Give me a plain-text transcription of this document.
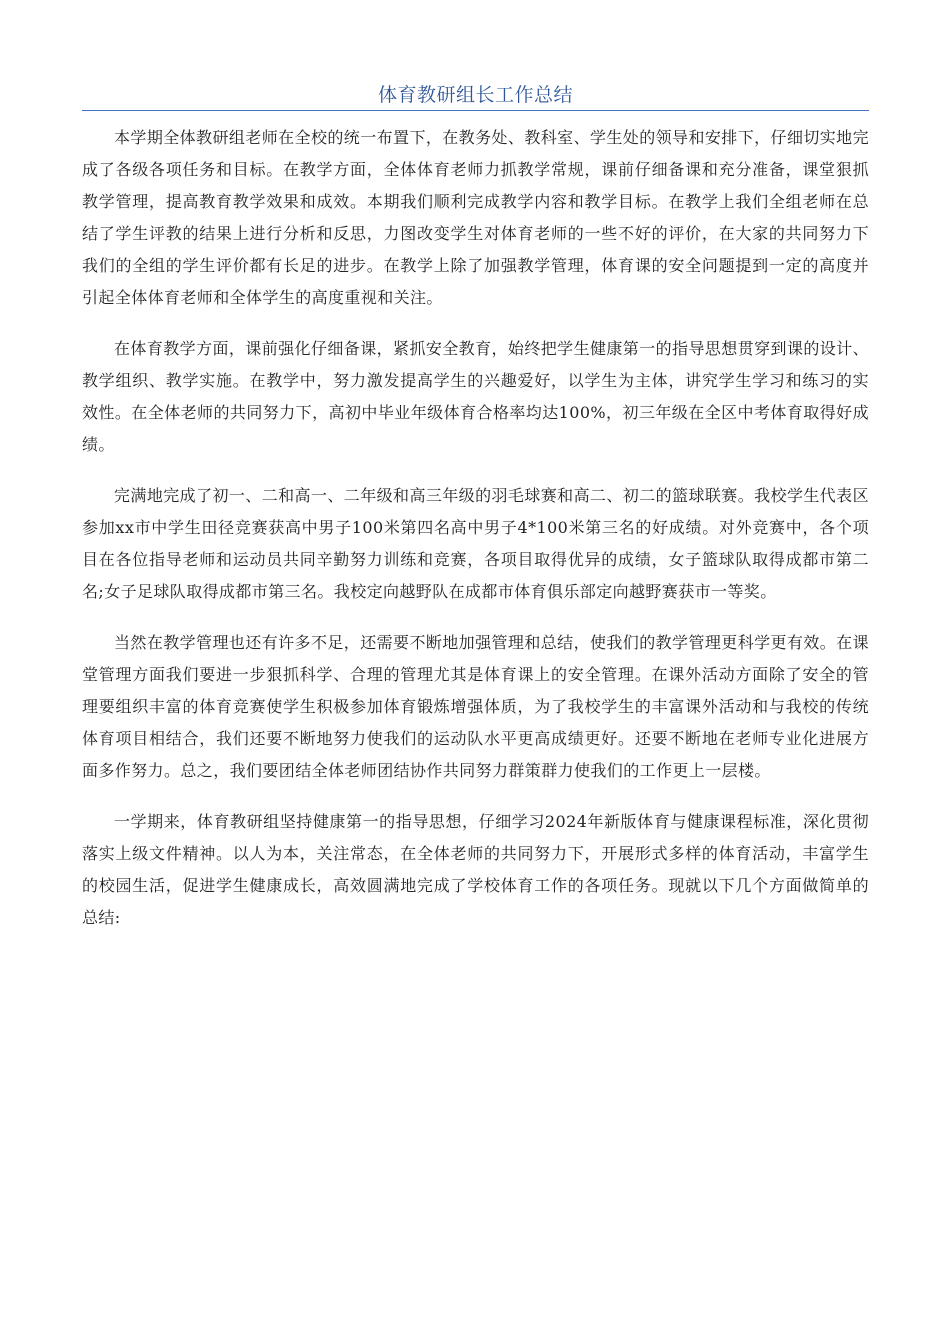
体育教研组长工作总结

本学期全体教研组老师在全校的统一布置下，在教务处、教科室、学生处的领导和安排下，仔细切实地完成了各级各项任务和目标。在教学方面，全体体育老师力抓教学常规，课前仔细备课和充分准备，课堂狠抓教学管理，提高教育教学效果和成效。本期我们顺利完成教学内容和教学目标。在教学上我们全组老师在总结了学生评教的结果上进行分析和反思，力图改变学生对体育老师的一些不好的评价，在大家的共同努力下我们的全组的学生评价都有长足的进步。在教学上除了加强教学管理，体育课的安全问题提到一定的高度并引起全体体育老师和全体学生的高度重视和关注。

在体育教学方面，课前强化仔细备课，紧抓安全教育，始终把学生健康第一的指导思想贯穿到课的设计、教学组织、教学实施。在教学中，努力激发提高学生的兴趣爱好，以学生为主体，讲究学生学习和练习的实效性。在全体老师的共同努力下，高初中毕业年级体育合格率均达100%，初三年级在全区中考体育取得好成绩。

完满地完成了初一、二和高一、二年级和高三年级的羽毛球赛和高二、初二的篮球联赛。我校学生代表区参加xx市中学生田径竞赛获高中男子100米第四名高中男子4*100米第三名的好成绩。对外竞赛中，各个项目在各位指导老师和运动员共同辛勤努力训练和竞赛，各项目取得优异的成绩，女子篮球队取得成都市第二名;女子足球队取得成都市第三名。我校定向越野队在成都市体育俱乐部定向越野赛获市一等奖。

当然在教学管理也还有许多不足，还需要不断地加强管理和总结，使我们的教学管理更科学更有效。在课堂管理方面我们要进一步狠抓科学、合理的管理尤其是体育课上的安全管理。在课外活动方面除了安全的管理要组织丰富的体育竞赛使学生积极参加体育锻炼增强体质，为了我校学生的丰富课外活动和与我校的传统体育项目相结合，我们还要不断地努力使我们的运动队水平更高成绩更好。还要不断地在老师专业化进展方面多作努力。总之，我们要团结全体老师团结协作共同努力群策群力使我们的工作更上一层楼。

一学期来，体育教研组坚持健康第一的指导思想，仔细学习2024年新版体育与健康课程标准，深化贯彻落实上级文件精神。以人为本，关注常态，在全体老师的共同努力下，开展形式多样的体育活动，丰富学生的校园生活，促进学生健康成长，高效圆满地完成了学校体育工作的各项任务。现就以下几个方面做简单的总结:
